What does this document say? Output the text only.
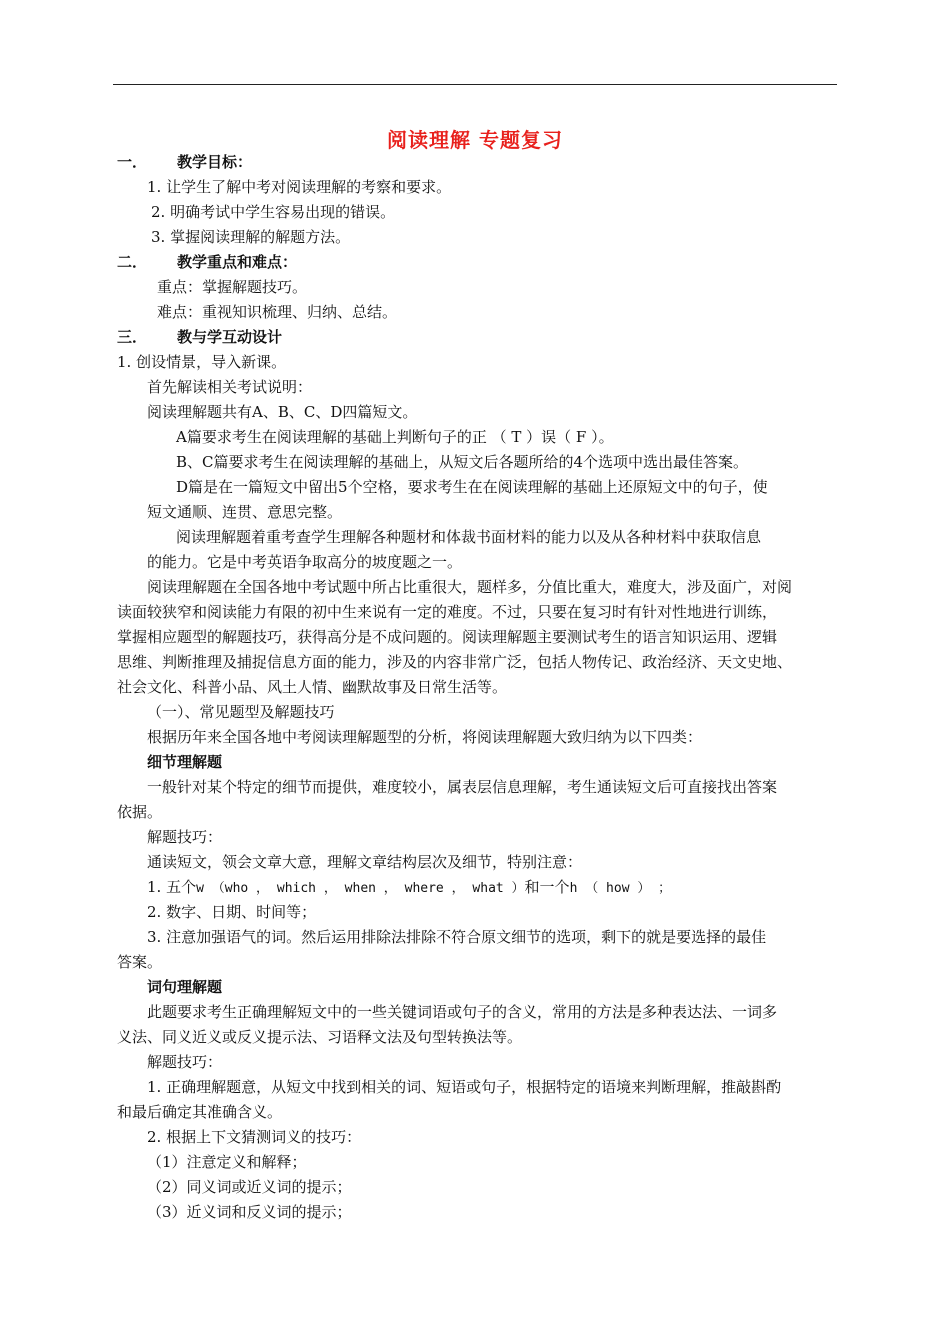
阅读理解 专题复习
一． 教学目标：
1. 让学生了解中考对阅读理解的考察和要求。
2. 明确考试中学生容易出现的错误。
3. 掌握阅读理解的解题方法。
二． 教学重点和难点：
重点：掌握解题技巧。
难点：重视知识梳理、归纳、总结。
三． 教与学互动设计
1. 创设情景，导入新课。
首先解读相关考试说明：
阅读理解题共有A、B、C、D四篇短文。
A篇要求考生在阅读理解的基础上判断句子的正 （ T ）误（ F ）。
B、C篇要求考生在阅读理解的基础上，从短文后各题所给的4个选项中选出最佳答案。
D篇是在一篇短文中留出5个空格，要求考生在在阅读理解的基础上还原短文中的句子，使
短文通顺、连贯、意思完整。
阅读理解题着重考查学生理解各种题材和体裁书面材料的能力以及从各种材料中获取信息
的能力。它是中考英语争取高分的坡度题之一。
阅读理解题在全国各地中考试题中所占比重很大，题样多，分值比重大，难度大，涉及面广，对阅
读面较狭窄和阅读能力有限的初中生来说有一定的难度。不过，只要在复习时有针对性地进行训练，
掌握相应题型的解题技巧，获得高分是不成问题的。阅读理解题主要测试考生的语言知识运用、逻辑
思维、判断推理及捕捉信息方面的能力，涉及的内容非常广泛，包括人物传记、政治经济、天文史地、
社会文化、科普小品、风土人情、幽默故事及日常生活等。
（一）、常见题型及解题技巧
根据历年来全国各地中考阅读理解题型的分析，将阅读理解题大致归纳为以下四类：
细节理解题
一般针对某个特定的细节而提供，难度较小，属表层信息理解，考生通读短文后可直接找出答案
依据。
解题技巧：
通读短文，领会文章大意，理解文章结构层次及细节，特别注意：
1. 五个w （who ， which ， when ， where ， what ）和一个h （ how ） ；
2. 数字、日期、时间等；
3. 注意加强语气的词。然后运用排除法排除不符合原文细节的选项，剩下的就是要选择的最佳
答案。
词句理解题
此题要求考生正确理解短文中的一些关键词语或句子的含义，常用的方法是多种表达法、一词多
义法、同义近义或反义提示法、习语释文法及句型转换法等。
解题技巧：
1. 正确理解题意，从短文中找到相关的词、短语或句子，根据特定的语境来判断理解，推敲斟酌
和最后确定其准确含义。
2. 根据上下文猜测词义的技巧：
（1）注意定义和解释；
（2）同义词或近义词的提示；
（3）近义词和反义词的提示；
